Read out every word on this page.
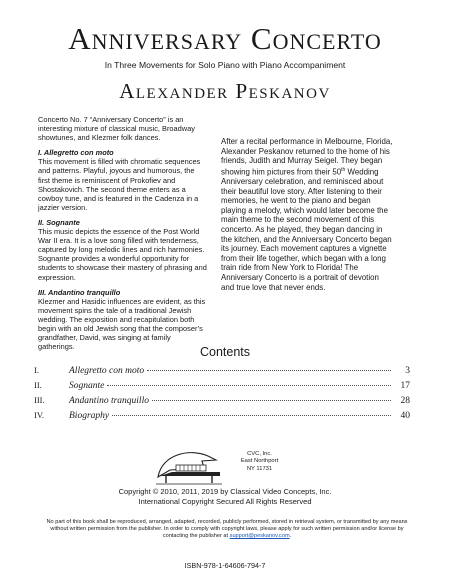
Anniversary Concerto
In Three Movements for Solo Piano with Piano Accompaniment
Alexander Peskanov

Concerto No. 7 “Anniversary Concerto” is an interesting mixture of classical music, Broadway showtunes, and Klezmer folk dances.

I. Allegretto con moto

This movement is filled with chromatic sequences and patterns. Playful, joyous and humorous, the first theme is reminiscent of Prokofiev and Shostakovich. The second theme enters as a cowboy tune, and is featured in the Cadenza in a jazzier version.

II. Sognante

This music depicts the essence of the Post World War II era. It is a love song filled with tenderness, captured by long melodic lines and rich harmonies. Sognante provides a wonderful opportunity for students to showcase their mastery of phrasing and expression.

III. Andantino tranquillo

Klezmer and Hasidic influences are evident, as this movement spins the tale of a traditional Jewish wedding. The exposition and recapitulation both begin with an old Jewish song that the composer’s grandfather, David, was singing at family gatherings.

After a recital performance in Melbourne, Florida, Alexander Peskanov returned to the home of his friends, Judith and Murray Seigel. They began showing him pictures from their 50th Wedding Anniversary celebration, and reminisced about their beautiful love story. After listening to their memories, he went to the piano and began playing a melody, which would later become the main theme to the second movement of this concerto. As he played, they began dancing in the kitchen, and the Anniversary Concerto began its journey. Each movement captures a vignette from their life together, which began with a long train ride from New York to Florida! The Anniversary Concerto is a portrait of devotion and true love that never ends.

Contents
I.	Allegretto con moto	3
II.	Sognante	17
III.	Andantino tranquillo	28
IV.	Biography	40
CVC, Inc.
East Northport
NY 11731
Copyright © 2010, 2011, 2019 by Classical Video Concepts, Inc.
International Copyright Secured All Rights Reserved
No part of this book shall be reproduced, arranged, adapted, recorded, publicly performed, stored in retrieval system, or transmitted by any means without written permission from the publisher. In order to comply with copyright laws, please apply for such written permission and/or license by contacting the publisher at support@peskanov.com.
ISBN-978-1-64606-794-7
